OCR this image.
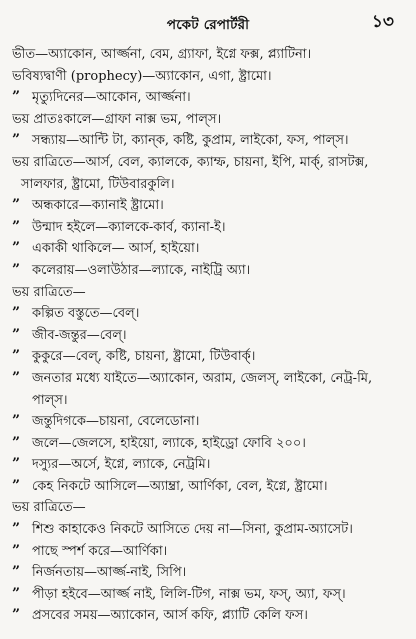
পকেট রেপার্টরী	১৩
ভীত—অ্যাকোন, আর্জ্জনা, বেম, গ্র্যাফা, ইগ্নে ফক্স, প্ল্যাটিনা।
ভবিষ্যদ্বাণী (prophecy)—অ্যাকোন, এগা, ষ্ট্রামো।
” মৃত্যুদিনের—আকোন, আর্জ্জনা।
ভয় প্রাতঃকালে—গ্রাফা নাক্স ভম, পাল্স।
” সন্ধ্যায়—আন্টি টা, ক্যান্ক, কষ্টি, কুপ্রাম, লাইকো, ফস, পাল্স।
ভয় রাত্রিতে—আর্স, বেল, ক্যালকে, ক্যাম্ফ, চায়না, ইপি, মার্ক্, রাসটক্স,
সালফার, ষ্ট্রামো, টিউবারকুলি।
” অন্ধকারে—ক্যানাই ষ্ট্রামো।
” উন্মাদ হইলে—ক্যালকে-কার্ব, ক্যানা-ই।
” একাকী থাকিলে— আর্স, হাইয়ো।
” কলেরায়—ওলাউঠার—ল্যাকে, নাইট্রি অ্যা।
ভয় রাত্রিতে—
” কল্পিত বস্তুতে—বেল্।
” জীব-জন্তুর—বেল্।
” কুকুরে—বেল্, কষ্টি, চায়না, ষ্ট্রামো, টিউবার্ক্।
” জনতার মধ্যে যাইতে—অ্যাকোন, অরাম, জেলস্, লাইকো, নেট্র-মি,
পাল্স।
” জন্তুদিগকে—চায়না, বেলেডোনা।
” জলে—জেলসে, হাইয়ো, ল্যাকে, হাইড্রো ফোবি ২০০।
” দস্যুর—অর্সে, ইগ্নে, ল্যাকে, নেট্রমি।
” কেহ নিকটে আসিলে—অ্যাম্ব্রা, আর্ণিকা, বেল, ইগ্নে, ষ্ট্রামো।
ভয় রাত্রিতে—
” শিশু কাহাকেও নিকটে আসিতে দেয় না—সিনা, কুপ্রাম-অ্যাসেট।
” পাছে স্পর্শ করে—আর্ণিকা।
” নির্জনতায়—আর্জ্জ-নাই, সিপি।
” পীড়া হইবে—আর্জ্জ নাই, লিলি-টিগ, নাক্স ভম, ফস্, অ্যা, ফস্।
” প্রসবের সময়—অ্যাকোন, আর্স কফি, প্ল্যাটি কেলি ফস।
